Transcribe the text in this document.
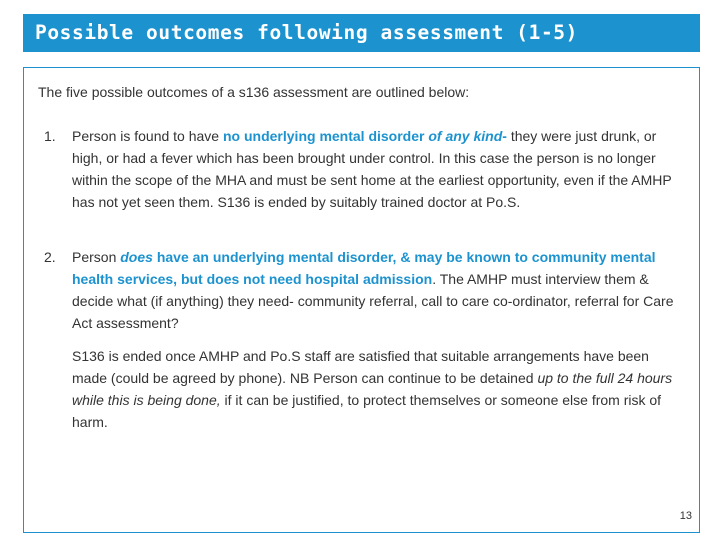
Possible outcomes following assessment (1-5)
The five possible outcomes of a s136 assessment are outlined below:
1. Person is found to have no underlying mental disorder of any kind- they were just drunk, or high, or had a fever which has been brought under control. In this case the person is no longer within the scope of the MHA and must be sent home at the earliest opportunity, even if the AMHP has not yet seen them. S136 is ended by suitably trained doctor at Po.S.
2. Person does have an underlying mental disorder, & may be known to community mental health services, but does not need hospital admission. The AMHP must interview them & decide what (if anything) they need- community referral, call to care co-ordinator, referral for Care Act assessment?
S136 is ended once AMHP and Po.S staff are satisfied that suitable arrangements have been made (could be agreed by phone). NB Person can continue to be detained up to the full 24 hours while this is being done, if it can be justified, to protect themselves or someone else from risk of harm.
13
